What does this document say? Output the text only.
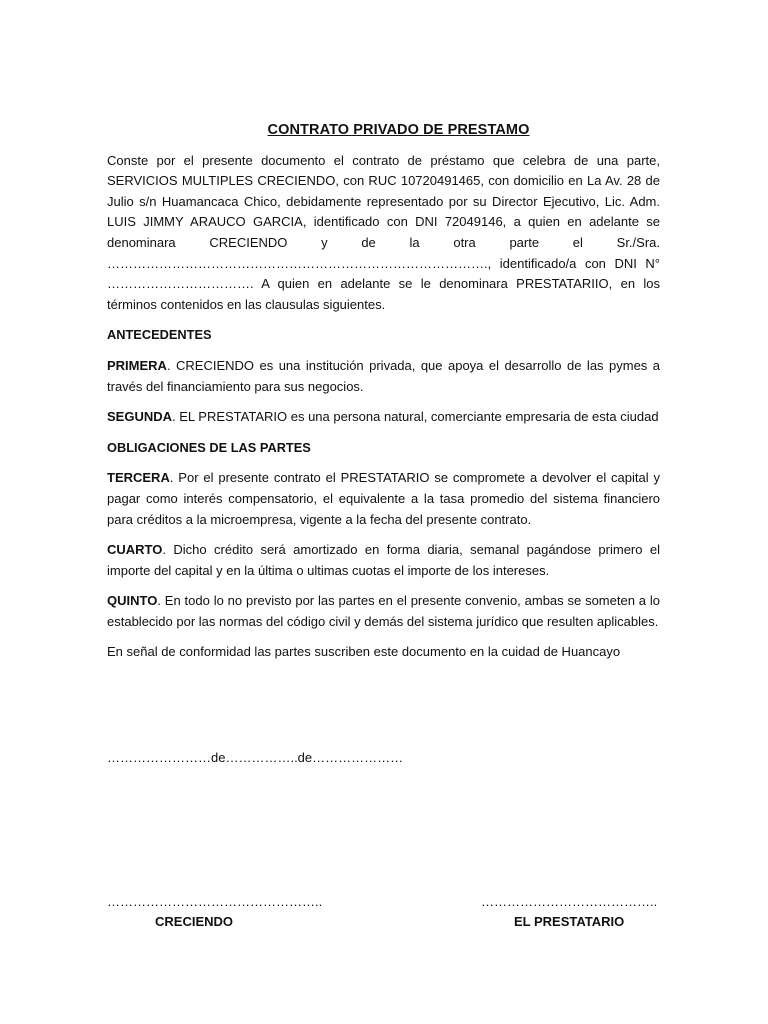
CONTRATO PRIVADO DE PRESTAMO

Conste por el presente documento el contrato de préstamo que celebra de una parte, SERVICIOS MULTIPLES CRECIENDO, con RUC 10720491465, con domicilio en La Av. 28 de Julio s/n Huamancaca Chico, debidamente representado por su Director Ejecutivo, Lic. Adm. LUIS JIMMY ARAUCO GARCIA, identificado con DNI 72049146, a quien en adelante se denominara CRECIENDO y de la otra parte el Sr./Sra. ……………………………………………………………………………., identificado/a con DNI N° ……………………………. A quien en adelante se le denominara PRESTATARIIO, en los términos contenidos en las clausulas siguientes.

ANTECEDENTES

PRIMERA. CRECIENDO es una institución privada, que apoya el desarrollo de las pymes a través del financiamiento para sus negocios.

SEGUNDA. EL PRESTATARIO es una persona natural, comerciante empresaria de esta ciudad

OBLIGACIONES DE LAS PARTES

TERCERA. Por el presente contrato el PRESTATARIO se compromete a devolver el capital y pagar como interés compensatorio, el equivalente a la tasa promedio del sistema financiero para créditos a la microempresa, vigente a la fecha del presente contrato.

CUARTO. Dicho crédito será amortizado en forma diaria, semanal pagándose primero el importe del capital y en la última o ultimas cuotas el importe de los intereses.

QUINTO. En todo lo no previsto por las partes en el presente convenio, ambas se someten a lo establecido por las normas del código civil y demás del sistema jurídico que resulten aplicables.

En señal de conformidad las partes suscriben este documento en la cuidad de Huancayo

……………………de……………..de…………………
…………………………………………..
CRECIENDO
…………………………………..
EL PRESTATARIO
